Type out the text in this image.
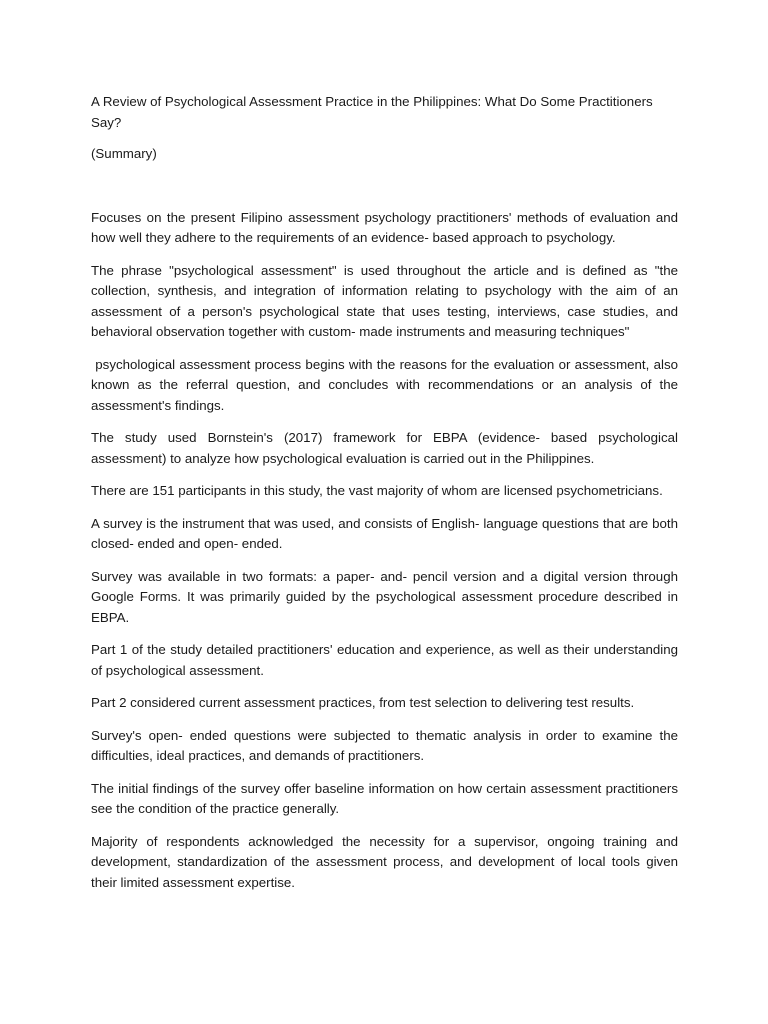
A Review of Psychological Assessment Practice in the Philippines: What Do Some Practitioners Say?

(Summary)

Focuses on the present Filipino assessment psychology practitioners' methods of evaluation and how well they adhere to the requirements of an evidence- based approach to psychology.

The phrase "psychological assessment" is used throughout the article and is defined as "the collection, synthesis, and integration of information relating to psychology with the aim of an assessment of a person's psychological state that uses testing, interviews, case studies, and behavioral observation together with custom- made instruments and measuring techniques"

psychological assessment process begins with the reasons for the evaluation or assessment, also known as the referral question, and concludes with recommendations or an analysis of the assessment's findings.

The study used Bornstein's (2017) framework for EBPA (evidence- based psychological assessment) to analyze how psychological evaluation is carried out in the Philippines.

There are 151 participants in this study, the vast majority of whom are licensed psychometricians.

A survey is the instrument that was used, and consists of English- language questions that are both closed- ended and open- ended.

Survey was available in two formats: a paper- and- pencil version and a digital version through Google Forms. It was primarily guided by the psychological assessment procedure described in EBPA.

Part 1 of the study detailed practitioners' education and experience, as well as their understanding of psychological assessment.

Part 2 considered current assessment practices, from test selection to delivering test results.

Survey's open- ended questions were subjected to thematic analysis in order to examine the difficulties, ideal practices, and demands of practitioners.

The initial findings of the survey offer baseline information on how certain assessment practitioners see the condition of the practice generally.

Majority of respondents acknowledged the necessity for a supervisor, ongoing training and development, standardization of the assessment process, and development of local tools given their limited assessment expertise.
